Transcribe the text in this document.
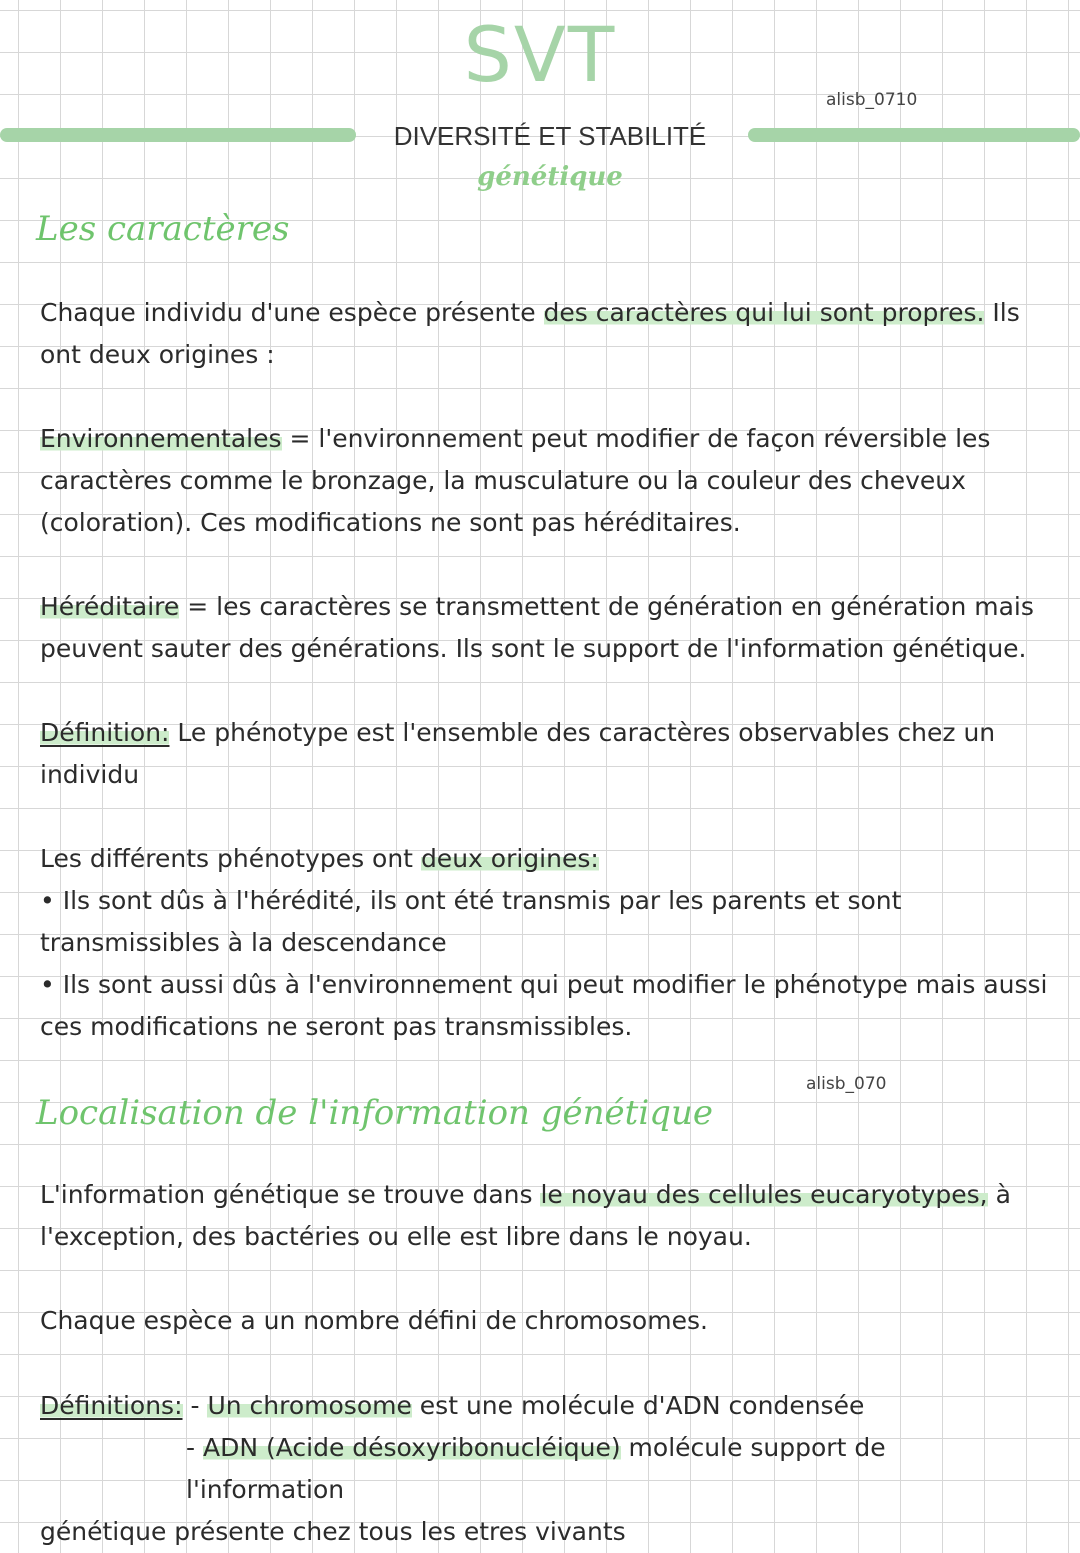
SVT
DIVERSITÉ ET STABILITÉ génétique
alisb_0710
Les caractères
Chaque individu d'une espèce présente des caractères qui lui sont propres. Ils ont deux origines :
Environnementales = l'environnement peut modifier de façon réversible les caractères comme le bronzage, la musculature ou la couleur des cheveux (coloration). Ces modifications ne sont pas héréditaires.
Héréditaire = les caractères se transmettent de génération en génération mais peuvent sauter des générations. Ils sont le support de l'information génétique.
Définition: Le phénotype est l'ensemble des caractères observables chez un individu
Les différents phénotypes ont deux origines:
• Ils sont dûs à l'hérédité, ils ont été transmis par les parents et sont transmissibles à la descendance
• Ils sont aussi dûs à l'environnement qui peut modifier le phénotype mais aussi ces modifications ne seront pas transmissibles.
alisb_070
Localisation de l'information génétique
L'information génétique se trouve dans le noyau des cellules eucaryotypes, à l'exception, des bactéries ou elle est libre dans le noyau.
Chaque espèce a un nombre défini de chromosomes.
Définitions: - Un chromosome est une molécule d'ADN condensée
- ADN (Acide désoxyribonucléique) molécule support de l'information
génétique présente chez tous les etres vivants
